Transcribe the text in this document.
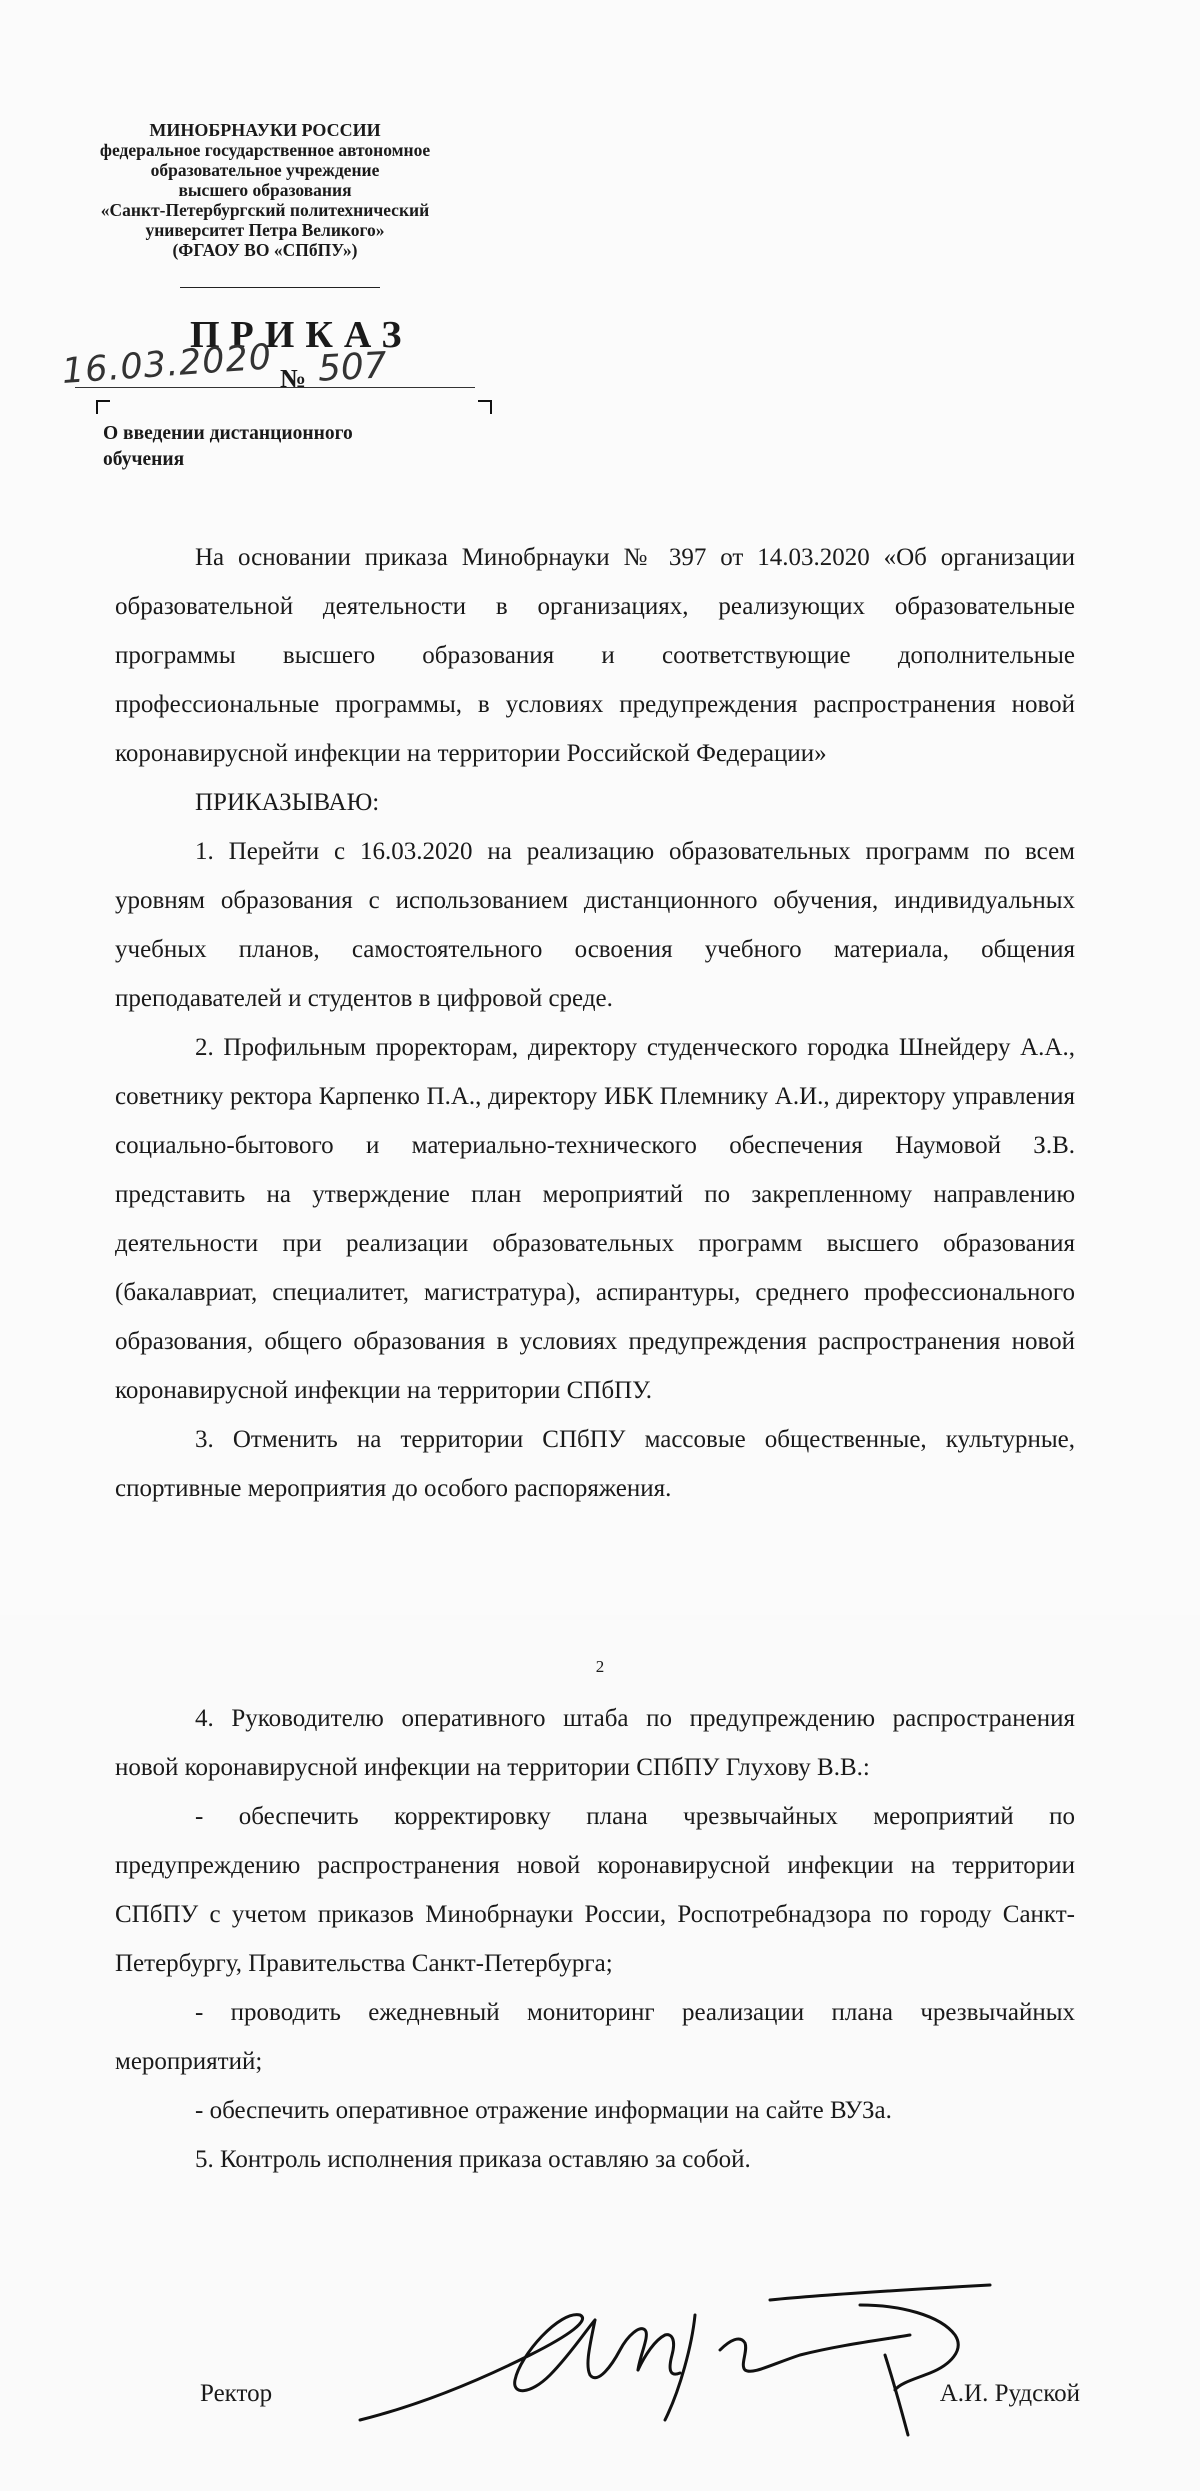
МИНОБРНАУКИ РОССИИ
федеральное государственное автономное
образовательное учреждение
высшего образования
«Санкт-Петербургский политехнический
университет Петра Великого»
(ФГАОУ ВО «СПбПУ»)
ПРИКАЗ
16.03.2020 № 507
О введении дистанционного
обучения

На основании приказа Минобрнауки № 397 от 14.03.2020 «Об организации образовательной деятельности в организациях, реализующих образовательные программы высшего образования и соответствующие дополнительные профессиональные программы, в условиях предупреждения распространения новой коронавирусной инфекции на территории Российской Федерации»

ПРИКАЗЫВАЮ:

1. Перейти с 16.03.2020 на реализацию образовательных программ по всем уровням образования с использованием дистанционного обучения, индивидуальных учебных планов, самостоятельного освоения учебного материала, общения преподавателей и студентов в цифровой среде.

2. Профильным проректорам, директору студенческого городка Шнейдеру А.А., советнику ректора Карпенко П.А., директору ИБК Племнику А.И., директору управления социально-бытового и материально-технического обеспечения Наумовой З.В. представить на утверждение план мероприятий по закрепленному направлению деятельности при реализации образовательных программ высшего образования (бакалавриат, специалитет, магистратура), аспирантуры, среднего профессионального образования, общего образования в условиях предупреждения распространения новой коронавирусной инфекции на территории СПбПУ.

3. Отменить на территории СПбПУ массовые общественные, культурные, спортивные мероприятия до особого распоряжения.

2

4. Руководителю оперативного штаба по предупреждению распространения новой коронавирусной инфекции на территории СПбПУ Глухову В.В.:

- обеспечить корректировку плана чрезвычайных мероприятий по предупреждению распространения новой коронавирусной инфекции на территории СПбПУ с учетом приказов Минобрнауки России, Роспотребнадзора по городу Санкт-Петербургу, Правительства Санкт-Петербурга;

- проводить ежедневный мониторинг реализации плана чрезвычайных мероприятий;

- обеспечить оперативное отражение информации на сайте ВУЗа.

5. Контроль исполнения приказа оставляю за собой.

Ректор	А.И. Рудской
